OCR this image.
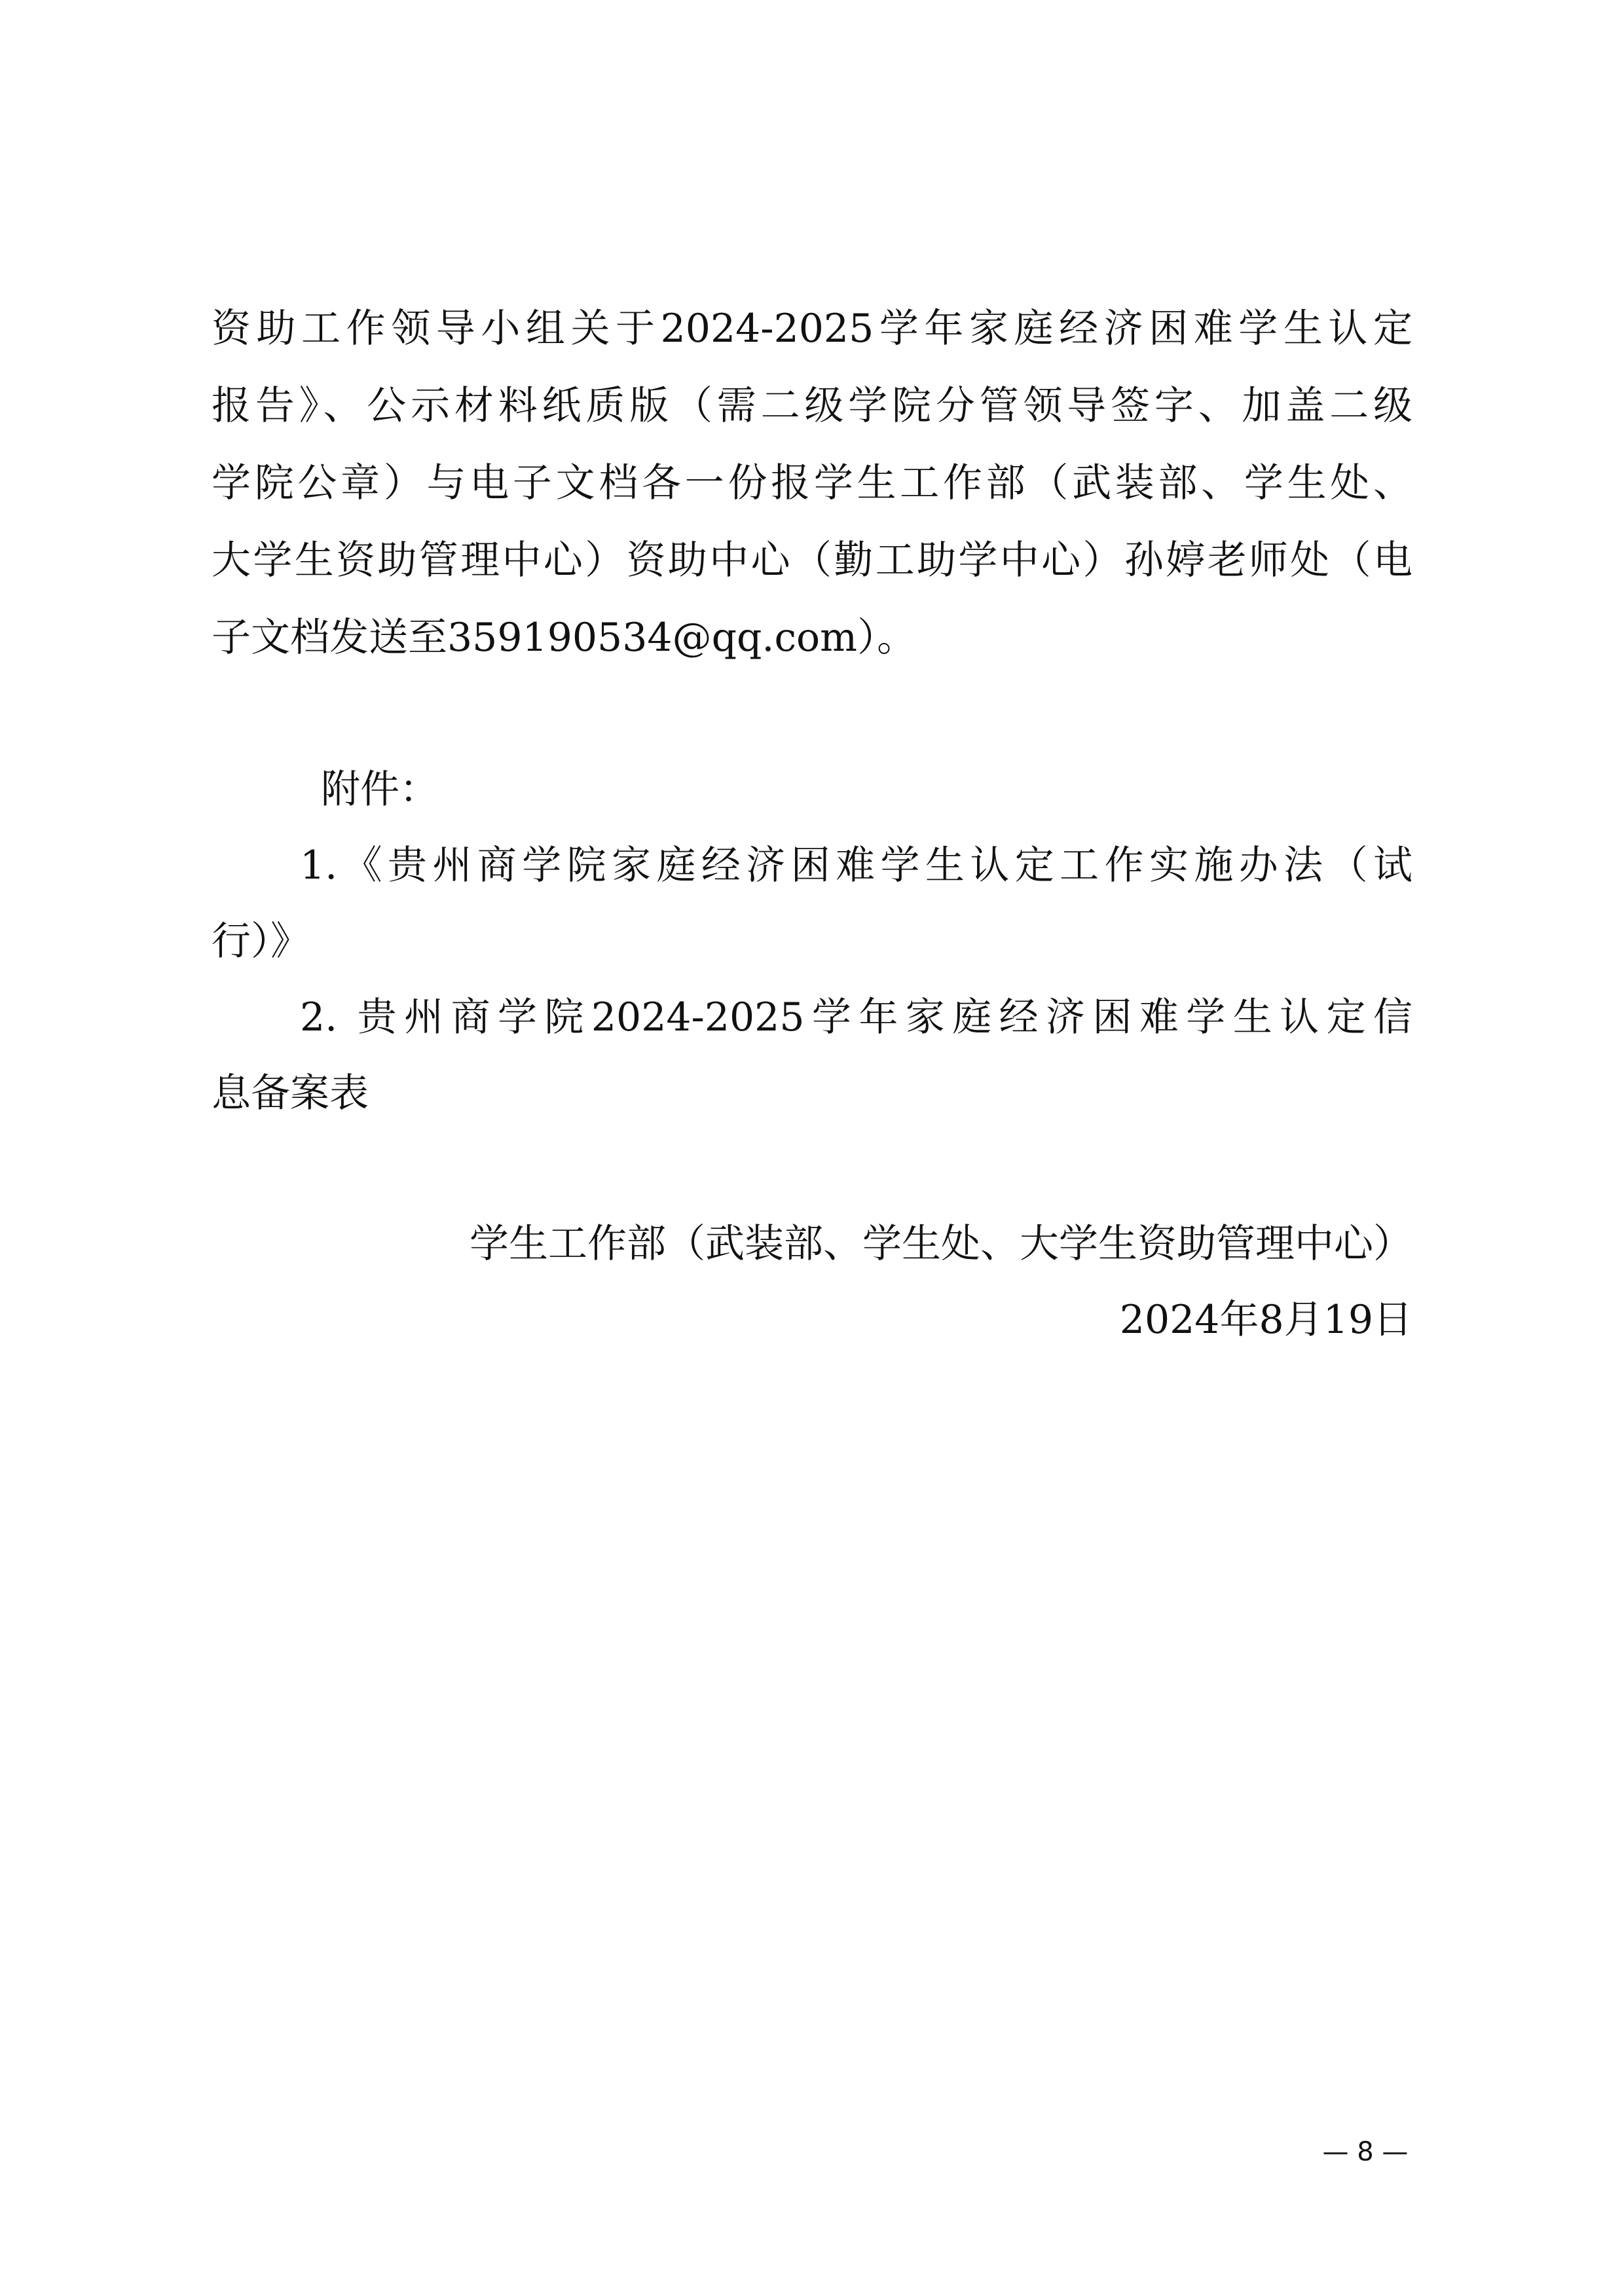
资助工作领导小组关于2024-2025学年家庭经济困难学生认定
报告》、公示材料纸质版（需二级学院分管领导签字、加盖二级
学院公章）与电子文档各一份报学生工作部（武装部、学生处、
大学生资助管理中心）资助中心（勤工助学中心）孙婷老师处（电
子文档发送至359190534@qq.com）。
附件：
1.《贵州商学院家庭经济困难学生认定工作实施办法（试
行）》
2. 贵州商学院2024-2025学年家庭经济困难学生认定信
息备案表
学生工作部（武装部、学生处、大学生资助管理中心）
2024年8月19日
— 8 —
